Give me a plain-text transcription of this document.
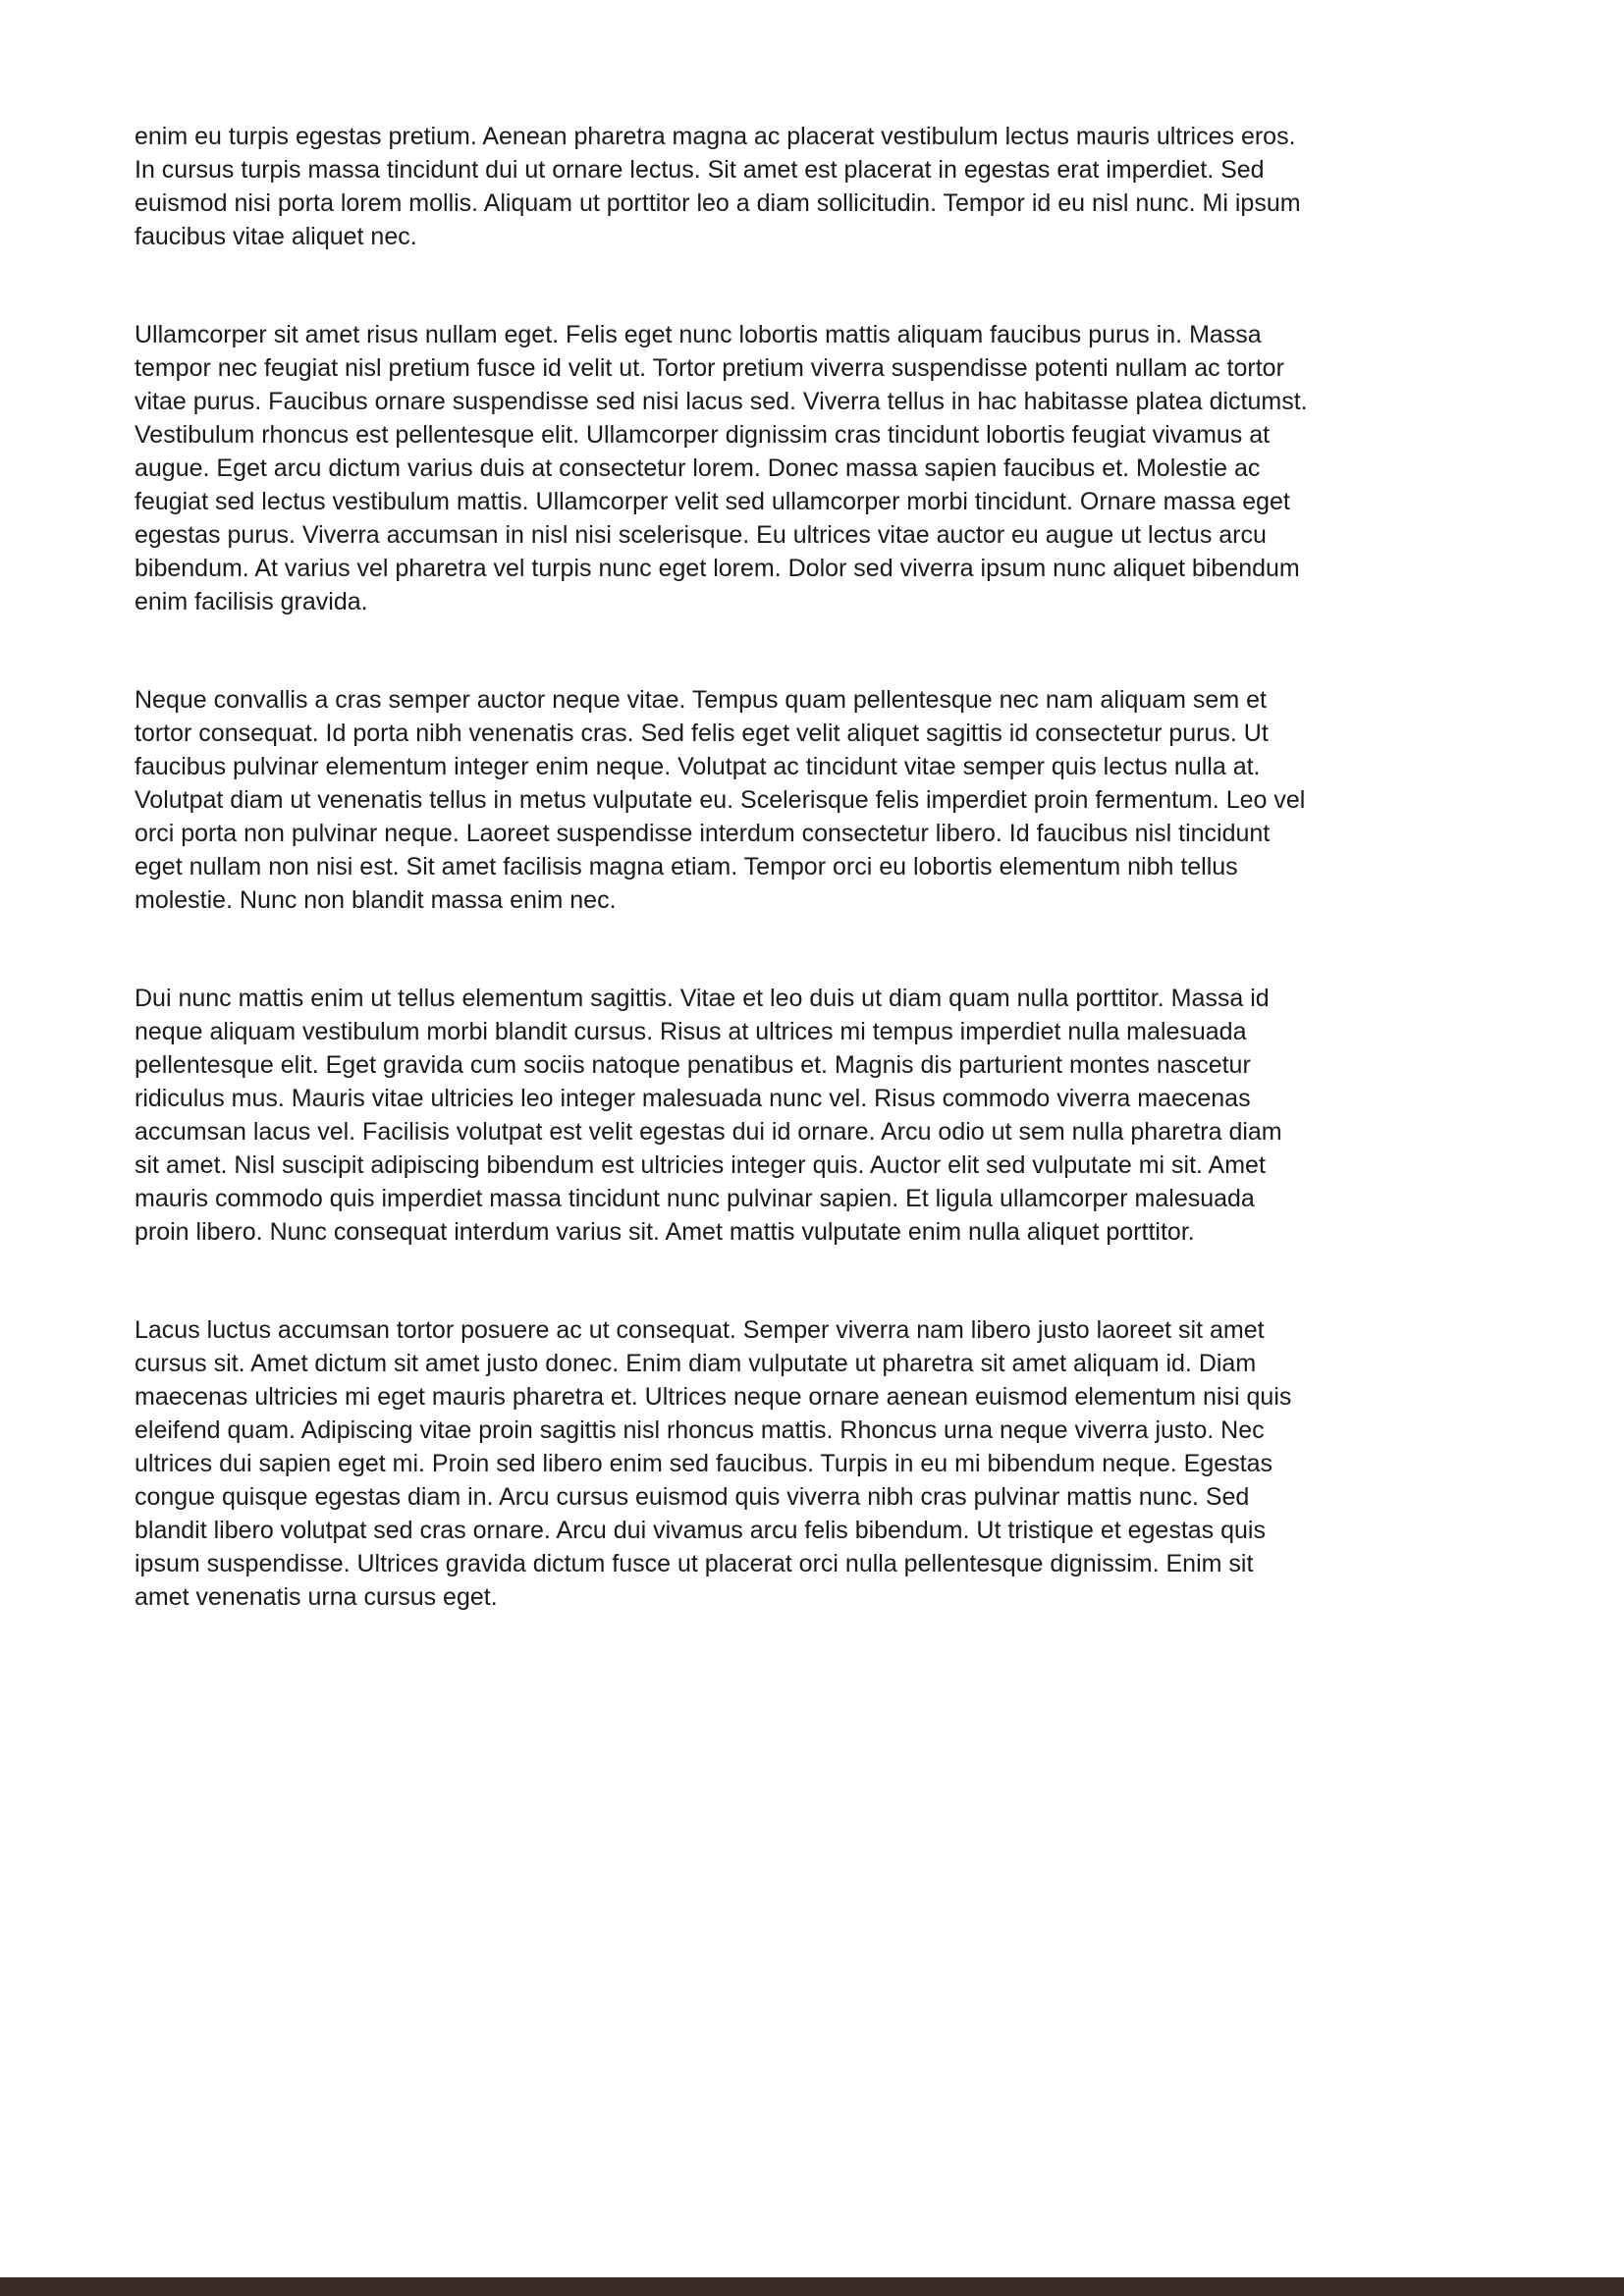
enim eu turpis egestas pretium. Aenean pharetra magna ac placerat vestibulum lectus mauris ultrices eros. In cursus turpis massa tincidunt dui ut ornare lectus. Sit amet est placerat in egestas erat imperdiet. Sed euismod nisi porta lorem mollis. Aliquam ut porttitor leo a diam sollicitudin. Tempor id eu nisl nunc. Mi ipsum faucibus vitae aliquet nec.

Ullamcorper sit amet risus nullam eget. Felis eget nunc lobortis mattis aliquam faucibus purus in. Massa tempor nec feugiat nisl pretium fusce id velit ut. Tortor pretium viverra suspendisse potenti nullam ac tortor vitae purus. Faucibus ornare suspendisse sed nisi lacus sed. Viverra tellus in hac habitasse platea dictumst. Vestibulum rhoncus est pellentesque elit. Ullamcorper dignissim cras tincidunt lobortis feugiat vivamus at augue. Eget arcu dictum varius duis at consectetur lorem. Donec massa sapien faucibus et. Molestie ac feugiat sed lectus vestibulum mattis. Ullamcorper velit sed ullamcorper morbi tincidunt. Ornare massa eget egestas purus. Viverra accumsan in nisl nisi scelerisque. Eu ultrices vitae auctor eu augue ut lectus arcu bibendum. At varius vel pharetra vel turpis nunc eget lorem. Dolor sed viverra ipsum nunc aliquet bibendum enim facilisis gravida.

Neque convallis a cras semper auctor neque vitae. Tempus quam pellentesque nec nam aliquam sem et tortor consequat. Id porta nibh venenatis cras. Sed felis eget velit aliquet sagittis id consectetur purus. Ut faucibus pulvinar elementum integer enim neque. Volutpat ac tincidunt vitae semper quis lectus nulla at. Volutpat diam ut venenatis tellus in metus vulputate eu. Scelerisque felis imperdiet proin fermentum. Leo vel orci porta non pulvinar neque. Laoreet suspendisse interdum consectetur libero. Id faucibus nisl tincidunt eget nullam non nisi est. Sit amet facilisis magna etiam. Tempor orci eu lobortis elementum nibh tellus molestie. Nunc non blandit massa enim nec.

Dui nunc mattis enim ut tellus elementum sagittis. Vitae et leo duis ut diam quam nulla porttitor. Massa id neque aliquam vestibulum morbi blandit cursus. Risus at ultrices mi tempus imperdiet nulla malesuada pellentesque elit. Eget gravida cum sociis natoque penatibus et. Magnis dis parturient montes nascetur ridiculus mus. Mauris vitae ultricies leo integer malesuada nunc vel. Risus commodo viverra maecenas accumsan lacus vel. Facilisis volutpat est velit egestas dui id ornare. Arcu odio ut sem nulla pharetra diam sit amet. Nisl suscipit adipiscing bibendum est ultricies integer quis. Auctor elit sed vulputate mi sit. Amet mauris commodo quis imperdiet massa tincidunt nunc pulvinar sapien. Et ligula ullamcorper malesuada proin libero. Nunc consequat interdum varius sit. Amet mattis vulputate enim nulla aliquet porttitor.

Lacus luctus accumsan tortor posuere ac ut consequat. Semper viverra nam libero justo laoreet sit amet cursus sit. Amet dictum sit amet justo donec. Enim diam vulputate ut pharetra sit amet aliquam id. Diam maecenas ultricies mi eget mauris pharetra et. Ultrices neque ornare aenean euismod elementum nisi quis eleifend quam. Adipiscing vitae proin sagittis nisl rhoncus mattis. Rhoncus urna neque viverra justo. Nec ultrices dui sapien eget mi. Proin sed libero enim sed faucibus. Turpis in eu mi bibendum neque. Egestas congue quisque egestas diam in. Arcu cursus euismod quis viverra nibh cras pulvinar mattis nunc. Sed blandit libero volutpat sed cras ornare. Arcu dui vivamus arcu felis bibendum. Ut tristique et egestas quis ipsum suspendisse. Ultrices gravida dictum fusce ut placerat orci nulla pellentesque dignissim. Enim sit amet venenatis urna cursus eget.
